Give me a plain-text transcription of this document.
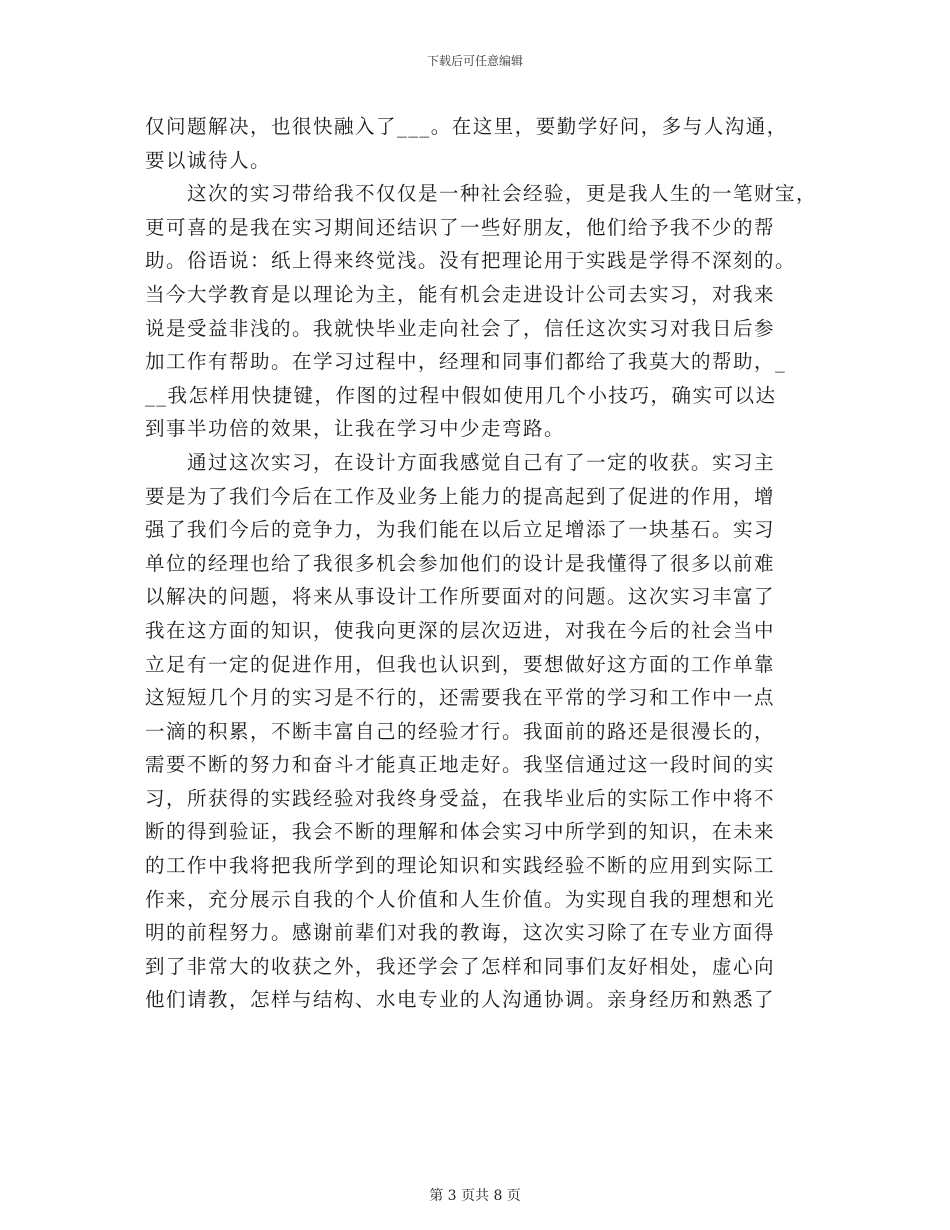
下载后可任意编辑
仅问题解决，也很快融入了___。在这里，要勤学好问，多与人沟通，
要以诚待人。
　　这次的实习带给我不仅仅是一种社会经验，更是我人生的一笔财宝，
更可喜的是我在实习期间还结识了一些好朋友，他们给予我不少的帮
助。俗语说：纸上得来终觉浅。没有把理论用于实践是学得不深刻的。
当今大学教育是以理论为主，能有机会走进设计公司去实习，对我来
说是受益非浅的。我就快毕业走向社会了，信任这次实习对我日后参
加工作有帮助。在学习过程中，经理和同事们都给了我莫大的帮助，_
__我怎样用快捷键，作图的过程中假如使用几个小技巧，确实可以达
到事半功倍的效果，让我在学习中少走弯路。
　　通过这次实习，在设计方面我感觉自己有了一定的收获。实习主
要是为了我们今后在工作及业务上能力的提高起到了促进的作用，增
强了我们今后的竞争力，为我们能在以后立足增添了一块基石。实习
单位的经理也给了我很多机会参加他们的设计是我懂得了很多以前难
以解决的问题，将来从事设计工作所要面对的问题。这次实习丰富了
我在这方面的知识，使我向更深的层次迈进，对我在今后的社会当中
立足有一定的促进作用，但我也认识到，要想做好这方面的工作单靠
这短短几个月的实习是不行的，还需要我在平常的学习和工作中一点
一滴的积累，不断丰富自己的经验才行。我面前的路还是很漫长的，
需要不断的努力和奋斗才能真正地走好。我坚信通过这一段时间的实
习，所获得的实践经验对我终身受益，在我毕业后的实际工作中将不
断的得到验证，我会不断的理解和体会实习中所学到的知识，在未来
的工作中我将把我所学到的理论知识和实践经验不断的应用到实际工
作来，充分展示自我的个人价值和人生价值。为实现自我的理想和光
明的前程努力。感谢前辈们对我的教诲，这次实习除了在专业方面得
到了非常大的收获之外，我还学会了怎样和同事们友好相处，虚心向
他们请教，怎样与结构、水电专业的人沟通协调。亲身经历和熟悉了
第 3 页共 8 页
